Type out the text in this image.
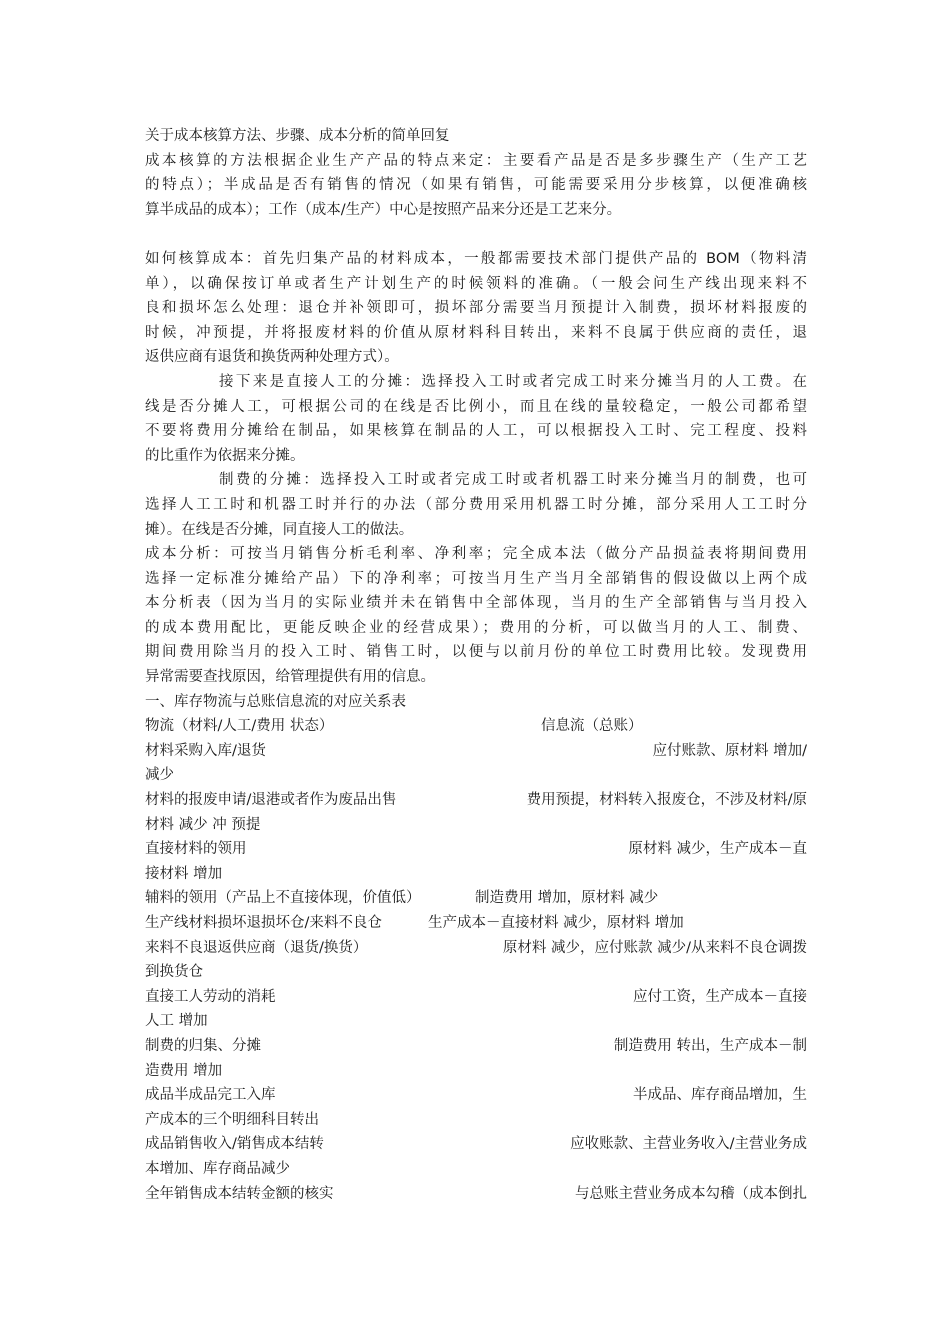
关于成本核算方法、步骤、成本分析的简单回复
成本核算的方法根据企业生产产品的特点来定：主要看产品是否是多步骤生产（生产工艺
的特点）；半成品是否有销售的情况（如果有销售，可能需要采用分步核算，以便准确核
算半成品的成本）；工作（成本/生产）中心是按照产品来分还是工艺来分。
如何核算成本：首先归集产品的材料成本，一般都需要技术部门提供产品的 BOM（物料清
单），以确保按订单或者生产计划生产的时候领料的准确。（一般会问生产线出现来料不
良和损坏怎么处理：退仓并补领即可，损坏部分需要当月预提计入制费，损坏材料报废的
时候，冲预提，并将报废材料的价值从原材料科目转出，来料不良属于供应商的责任，退
返供应商有退货和换货两种处理方式）。
接下来是直接人工的分摊：选择投入工时或者完成工时来分摊当月的人工费。在
线是否分摊人工，可根据公司的在线是否比例小，而且在线的量较稳定，一般公司都希望
不要将费用分摊给在制品，如果核算在制品的人工，可以根据投入工时、完工程度、投料
的比重作为依据来分摊。
制费的分摊：选择投入工时或者完成工时或者机器工时来分摊当月的制费，也可
选择人工工时和机器工时并行的办法（部分费用采用机器工时分摊，部分采用人工工时分
摊）。在线是否分摊，同直接人工的做法。
成本分析：可按当月销售分析毛利率、净利率；完全成本法（做分产品损益表将期间费用
选择一定标准分摊给产品）下的净利率；可按当月生产当月全部销售的假设做以上两个成
本分析表（因为当月的实际业绩并未在销售中全部体现，当月的生产全部销售与当月投入
的成本费用配比，更能反映企业的经营成果）；费用的分析，可以做当月的人工、制费、
期间费用除当月的投入工时、销售工时，以便与以前月份的单位工时费用比较。发现费用
异常需要查找原因，给管理提供有用的信息。
一、库存物流与总账信息流的对应关系表
物流（材料/人工/费用 状态）	信息流（总账）
材料采购入库/退货	应付账款、原材料 增加/
减少
材料的报废申请/退港或者作为废品出售	费用预提，材料转入报废仓，不涉及材料/原
材料 减少 冲 预提
直接材料的领用	原材料 减少，生产成本－直
接材料 增加
辅料的领用（产品上不直接体现，价值低）	制造费用 增加，原材料 减少
生产线材料损坏退损坏仓/来料不良仓	生产成本－直接材料 减少，原材料 增加
来料不良退返供应商（退货/换货）	原材料 减少，应付账款 减少/从来料不良仓调拨
到换货仓
直接工人劳动的消耗	应付工资，生产成本－直接
人工 增加
制费的归集、分摊	制造费用 转出，生产成本－制
造费用 增加
成品半成品完工入库	半成品、库存商品增加，生
产成本的三个明细科目转出
成品销售收入/销售成本结转	应收账款、主营业务收入/主营业务成
本增加、库存商品减少
全年销售成本结转金额的核实	与总账主营业务成本勾稽（成本倒扎
